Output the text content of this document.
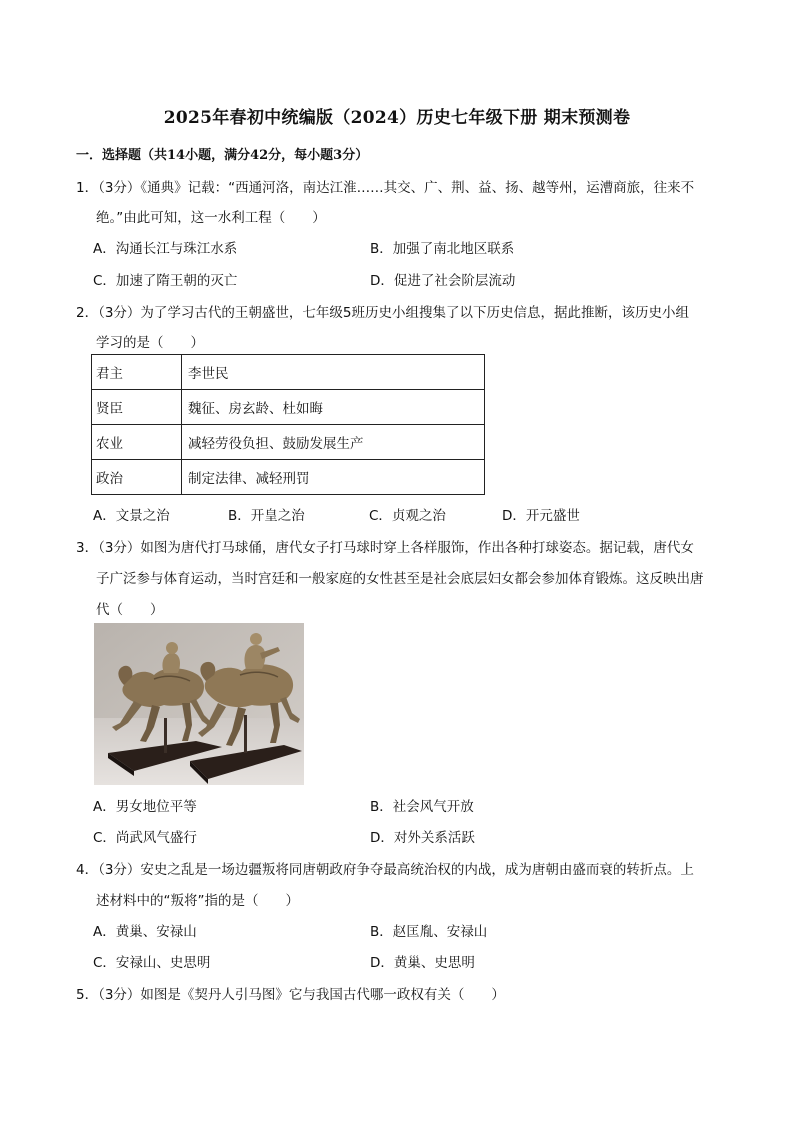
2025年春初中统编版（2024）历史七年级下册 期末预测卷
一．选择题（共14小题，满分42分，每小题3分）
1．（3分）《通典》记载：“西通河洛，南达江淮……其交、广、荆、益、扬、越等州，运漕商旅，往来不
绝。”由此可知，这一水利工程（　　）
A．沟通长江与珠江水系	B．加强了南北地区联系
C．加速了隋王朝的灭亡	D．促进了社会阶层流动
2．（3分）为了学习古代的王朝盛世，七年级5班历史小组搜集了以下历史信息，据此推断，该历史小组
学习的是（　　）
君主	李世民
贤臣	魏征、房玄龄、杜如晦
农业	减轻劳役负担、鼓励发展生产
政治	制定法律、减轻刑罚
A．文景之治	B．开皇之治	C．贞观之治	D．开元盛世
3．（3分）如图为唐代打马球俑，唐代女子打马球时穿上各样服饰，作出各种打球姿态。据记载，唐代女
子广泛参与体育运动，当时宫廷和一般家庭的女性甚至是社会底层妇女都会参加体育锻炼。这反映出唐
代（　　）
A．男女地位平等	B．社会风气开放
C．尚武风气盛行	D．对外关系活跃
4．（3分）安史之乱是一场边疆叛将同唐朝政府争夺最高统治权的内战，成为唐朝由盛而衰的转折点。上
述材料中的“叛将”指的是（　　）
A．黄巢、安禄山	B．赵匡胤、安禄山
C．安禄山、史思明	D．黄巢、史思明
5．（3分）如图是《契丹人引马图》它与我国古代哪一政权有关（　　）
